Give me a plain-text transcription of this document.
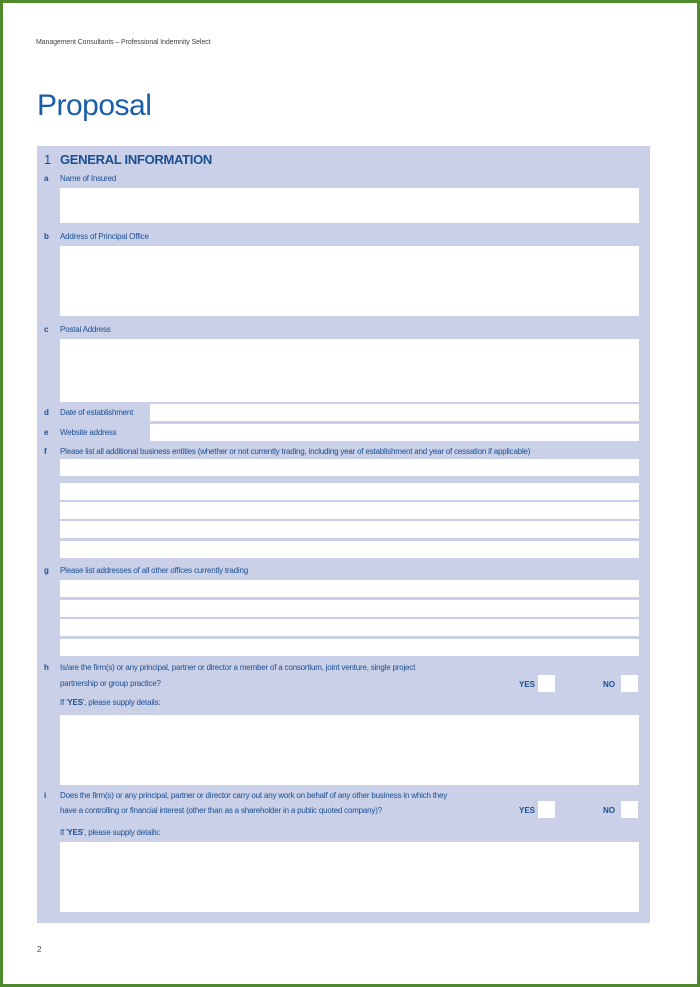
Management Consultants – Professional Indemnity Select
Proposal
1 GENERAL INFORMATION
a Name of Insured
b Address of Principal Office
c Postal Address
d Date of establishment
e Website address
f Please list all additional business entities (whether or not currently trading, including year of establishment and year of cessation if applicable)
g Please list addresses of all other offices currently trading
h Is/are the firm(s) or any principal, partner or director a member of a consortium, joint venture, single project
partnership or group practice?	YES	NO
If 'YES', please supply details:
i Does the firm(s) or any principal, partner or director carry out any work on behalf of any other business in which they
have a controlling or financial interest (other than as a shareholder in a public quoted company)?	YES	NO
If 'YES', please supply details:
2
